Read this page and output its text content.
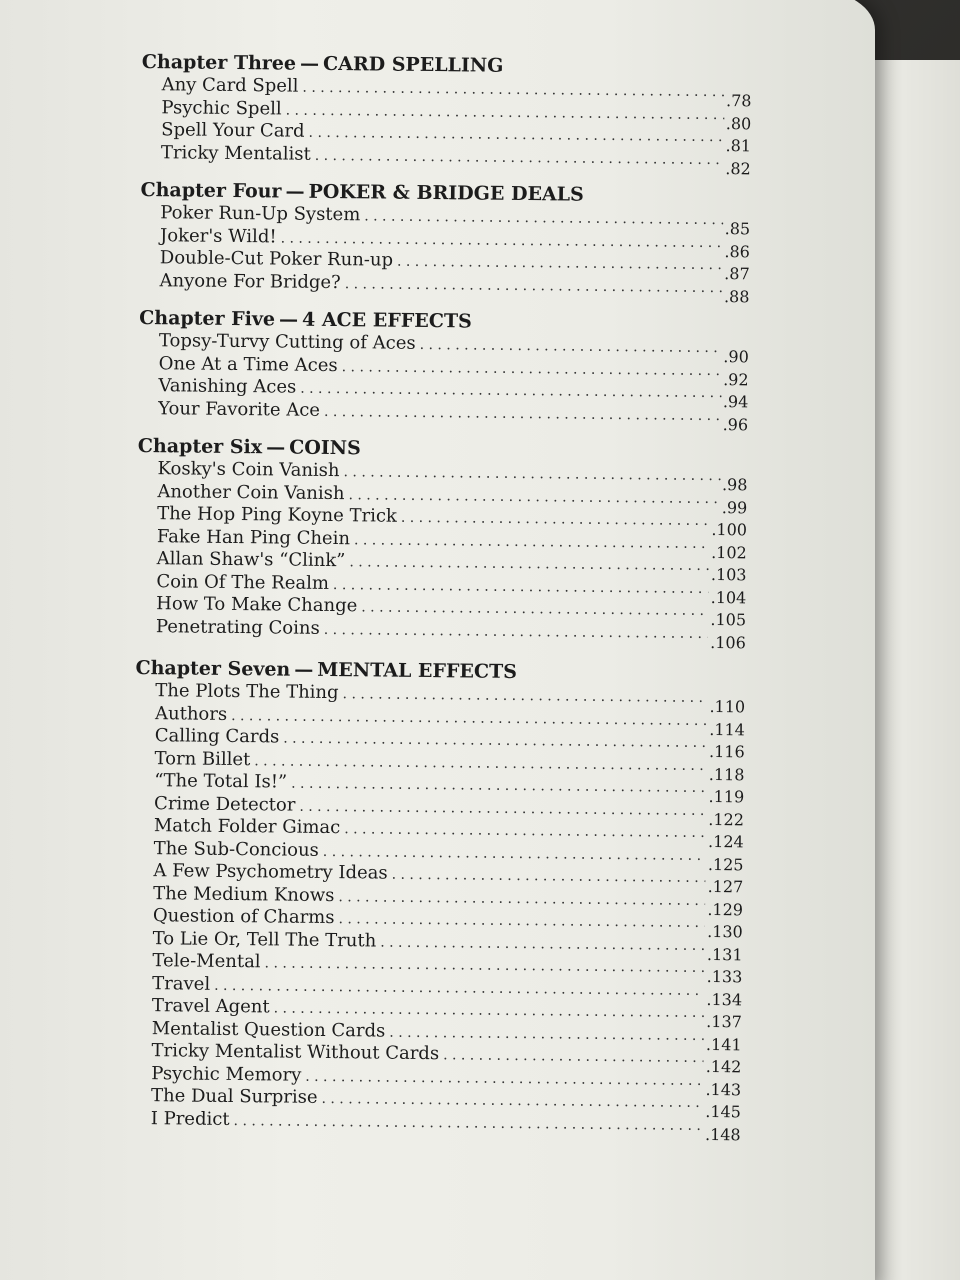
Chapter Three — CARD SPELLING
Any Card Spell
. . .
.78
Psychic Spell
. . .
.80
Spell Your Card
. . .
.81
Tricky Mentalist
. . .
.82
Chapter Four — POKER & BRIDGE DEALS
Poker Run-Up System
. . .
.85
Joker's Wild!
. . .
.86
Double-Cut Poker Run-up
. . .
.87
Anyone For Bridge?
. . .
.88
Chapter Five — 4 ACE EFFECTS
Topsy-Turvy Cutting of Aces
. . .
.90
One At a Time Aces
. . .
.92
Vanishing Aces
. . .
.94
Your Favorite Ace
. . .
.96
Chapter Six — COINS
Kosky's Coin Vanish
. . .
.98
Another Coin Vanish
. . .
.99
The Hop Ping Koyne Trick
. . .
.100
Fake Han Ping Chein
. . .
.102
Allan Shaw's “Clink”
. . .
.103
Coin Of The Realm
. . .
.104
How To Make Change
. . .
.105
Penetrating Coins
. . .
.106
Chapter Seven — MENTAL EFFECTS
The Plots The Thing
. . .
.110
Authors
. . .
.114
Calling Cards
. . .
.116
Torn Billet
. . .
.118
“The Total Is!”
. . .
.119
Crime Detector
. . .
.122
Match Folder Gimac
. . .
.124
The Sub-Concious
. . .
.125
A Few Psychometry Ideas
. . .
.127
The Medium Knows
. . .
.129
Question of Charms
. . .
.130
To Lie Or, Tell The Truth
. . .
.131
Tele-Mental
. . .
.133
Travel
. . .
.134
Travel Agent
. . .
.137
Mentalist Question Cards
. . .
.141
Tricky Mentalist Without Cards
. . .
.142
Psychic Memory
. . .
.143
The Dual Surprise
. . .
.145
I Predict
. . .
.148
